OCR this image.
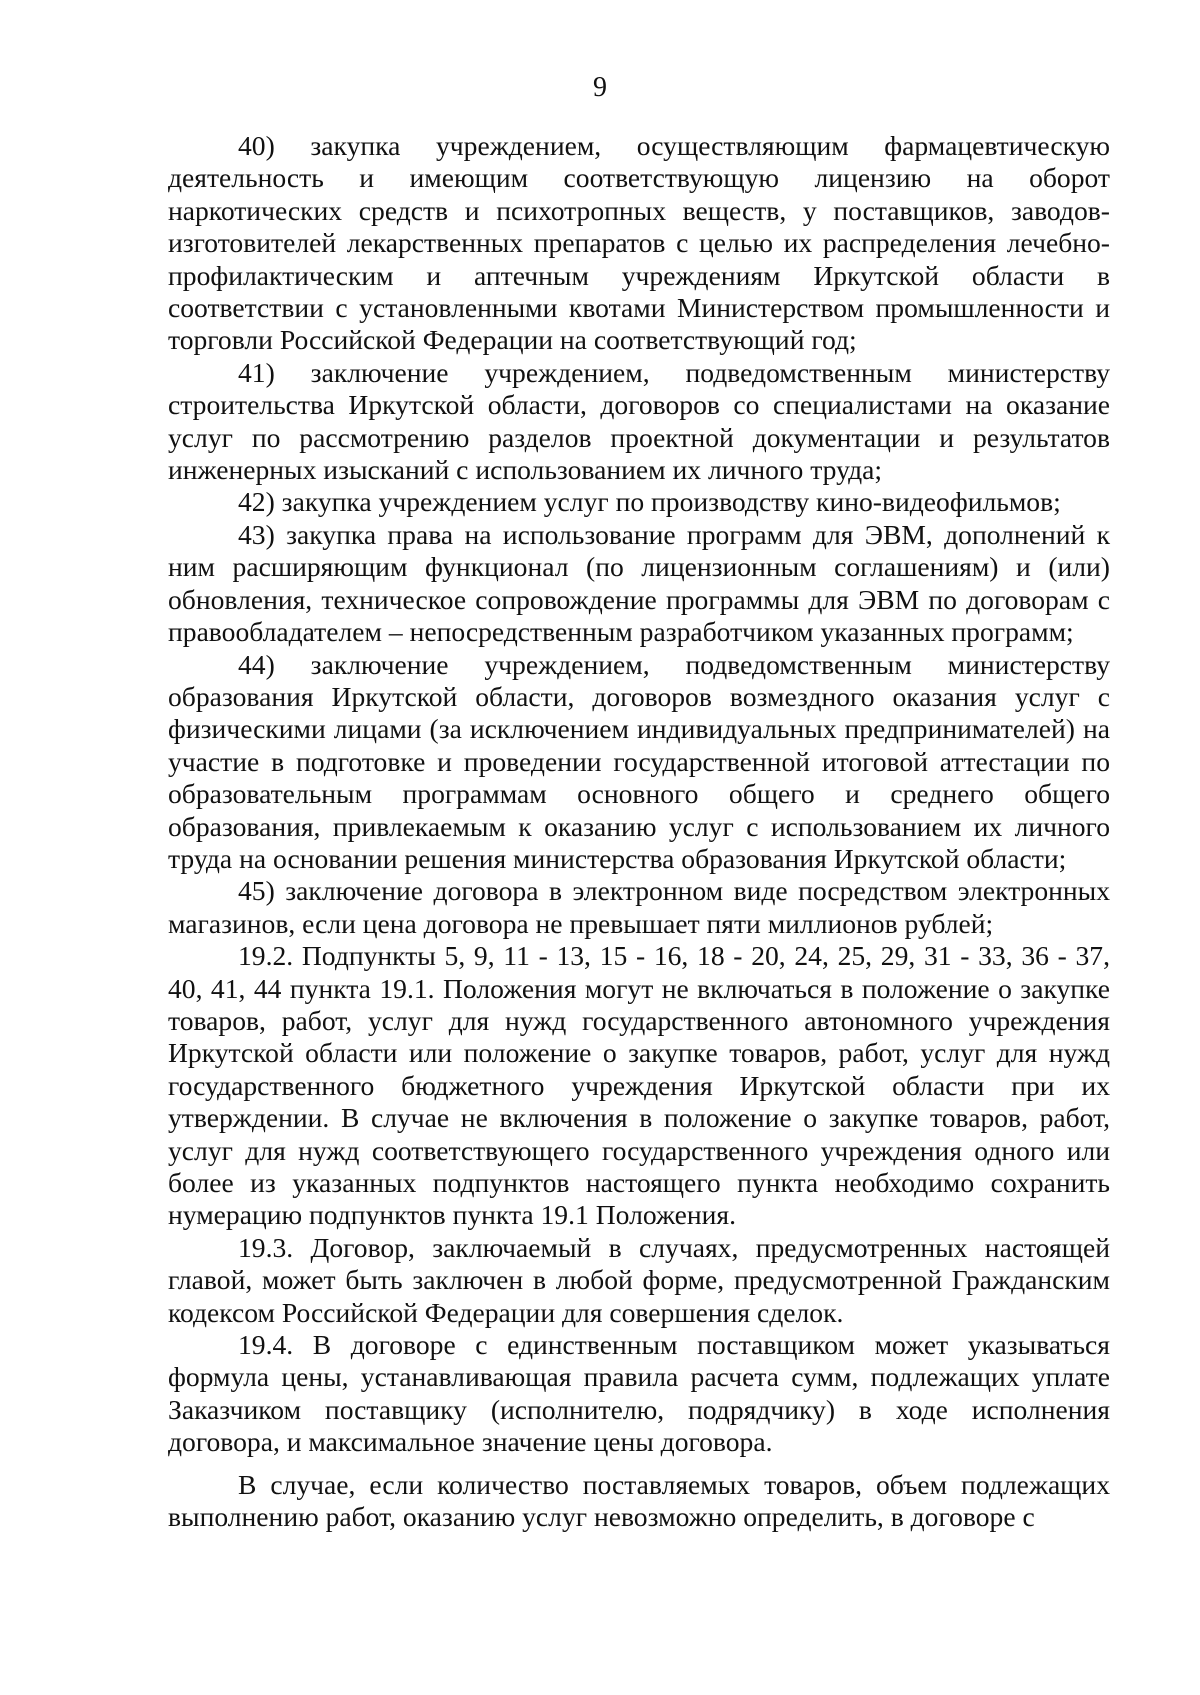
9

40) закупка учреждением, осуществляющим фармацевтическую деятельность и имеющим соответствующую лицензию на оборот наркотических средств и психотропных веществ, у поставщиков, заводов-изготовителей лекарственных препаратов с целью их распределения лечебно-профилактическим и аптечным учреждениям Иркутской области в соответствии с установленными квотами Министерством промышленности и торговли Российской Федерации на соответствующий год;

41) заключение учреждением, подведомственным министерству строительства Иркутской области, договоров со специалистами на оказание услуг по рассмотрению разделов проектной документации и результатов инженерных изысканий с использованием их личного труда;

42) закупка учреждением услуг по производству кино-видеофильмов;

43) закупка права на использование программ для ЭВМ, дополнений к ним расширяющим функционал (по лицензионным соглашениям) и (или) обновления, техническое сопровождение программы для ЭВМ по договорам с правообладателем – непосредственным разработчиком указанных программ;

44) заключение учреждением, подведомственным министерству образования Иркутской области, договоров возмездного оказания услуг с физическими лицами (за исключением индивидуальных предпринимателей) на участие в подготовке и проведении государственной итоговой аттестации по образовательным программам основного общего и среднего общего образования, привлекаемым к оказанию услуг с использованием их личного труда на основании решения министерства образования Иркутской области;

45) заключение договора в электронном виде посредством электронных магазинов, если цена договора не превышает пяти миллионов рублей;

19.2. Подпункты 5, 9, 11 - 13, 15 - 16, 18 - 20, 24, 25, 29, 31 - 33, 36 - 37, 40, 41, 44 пункта 19.1. Положения могут не включаться в положение о закупке товаров, работ, услуг для нужд государственного автономного учреждения Иркутской области или положение о закупке товаров, работ, услуг для нужд государственного бюджетного учреждения Иркутской области при их утверждении. В случае не включения в положение о закупке товаров, работ, услуг для нужд соответствующего государственного учреждения одного или более из указанных подпунктов настоящего пункта необходимо сохранить нумерацию подпунктов пункта 19.1 Положения.

19.3. Договор, заключаемый в случаях, предусмотренных настоящей главой, может быть заключен в любой форме, предусмотренной Гражданским кодексом Российской Федерации для совершения сделок.

19.4. В договоре с единственным поставщиком может указываться формула цены, устанавливающая правила расчета сумм, подлежащих уплате Заказчиком поставщику (исполнителю, подрядчику) в ходе исполнения договора, и максимальное значение цены договора.

В случае, если количество поставляемых товаров, объем подлежащих выполнению работ, оказанию услуг невозможно определить, в договоре с
